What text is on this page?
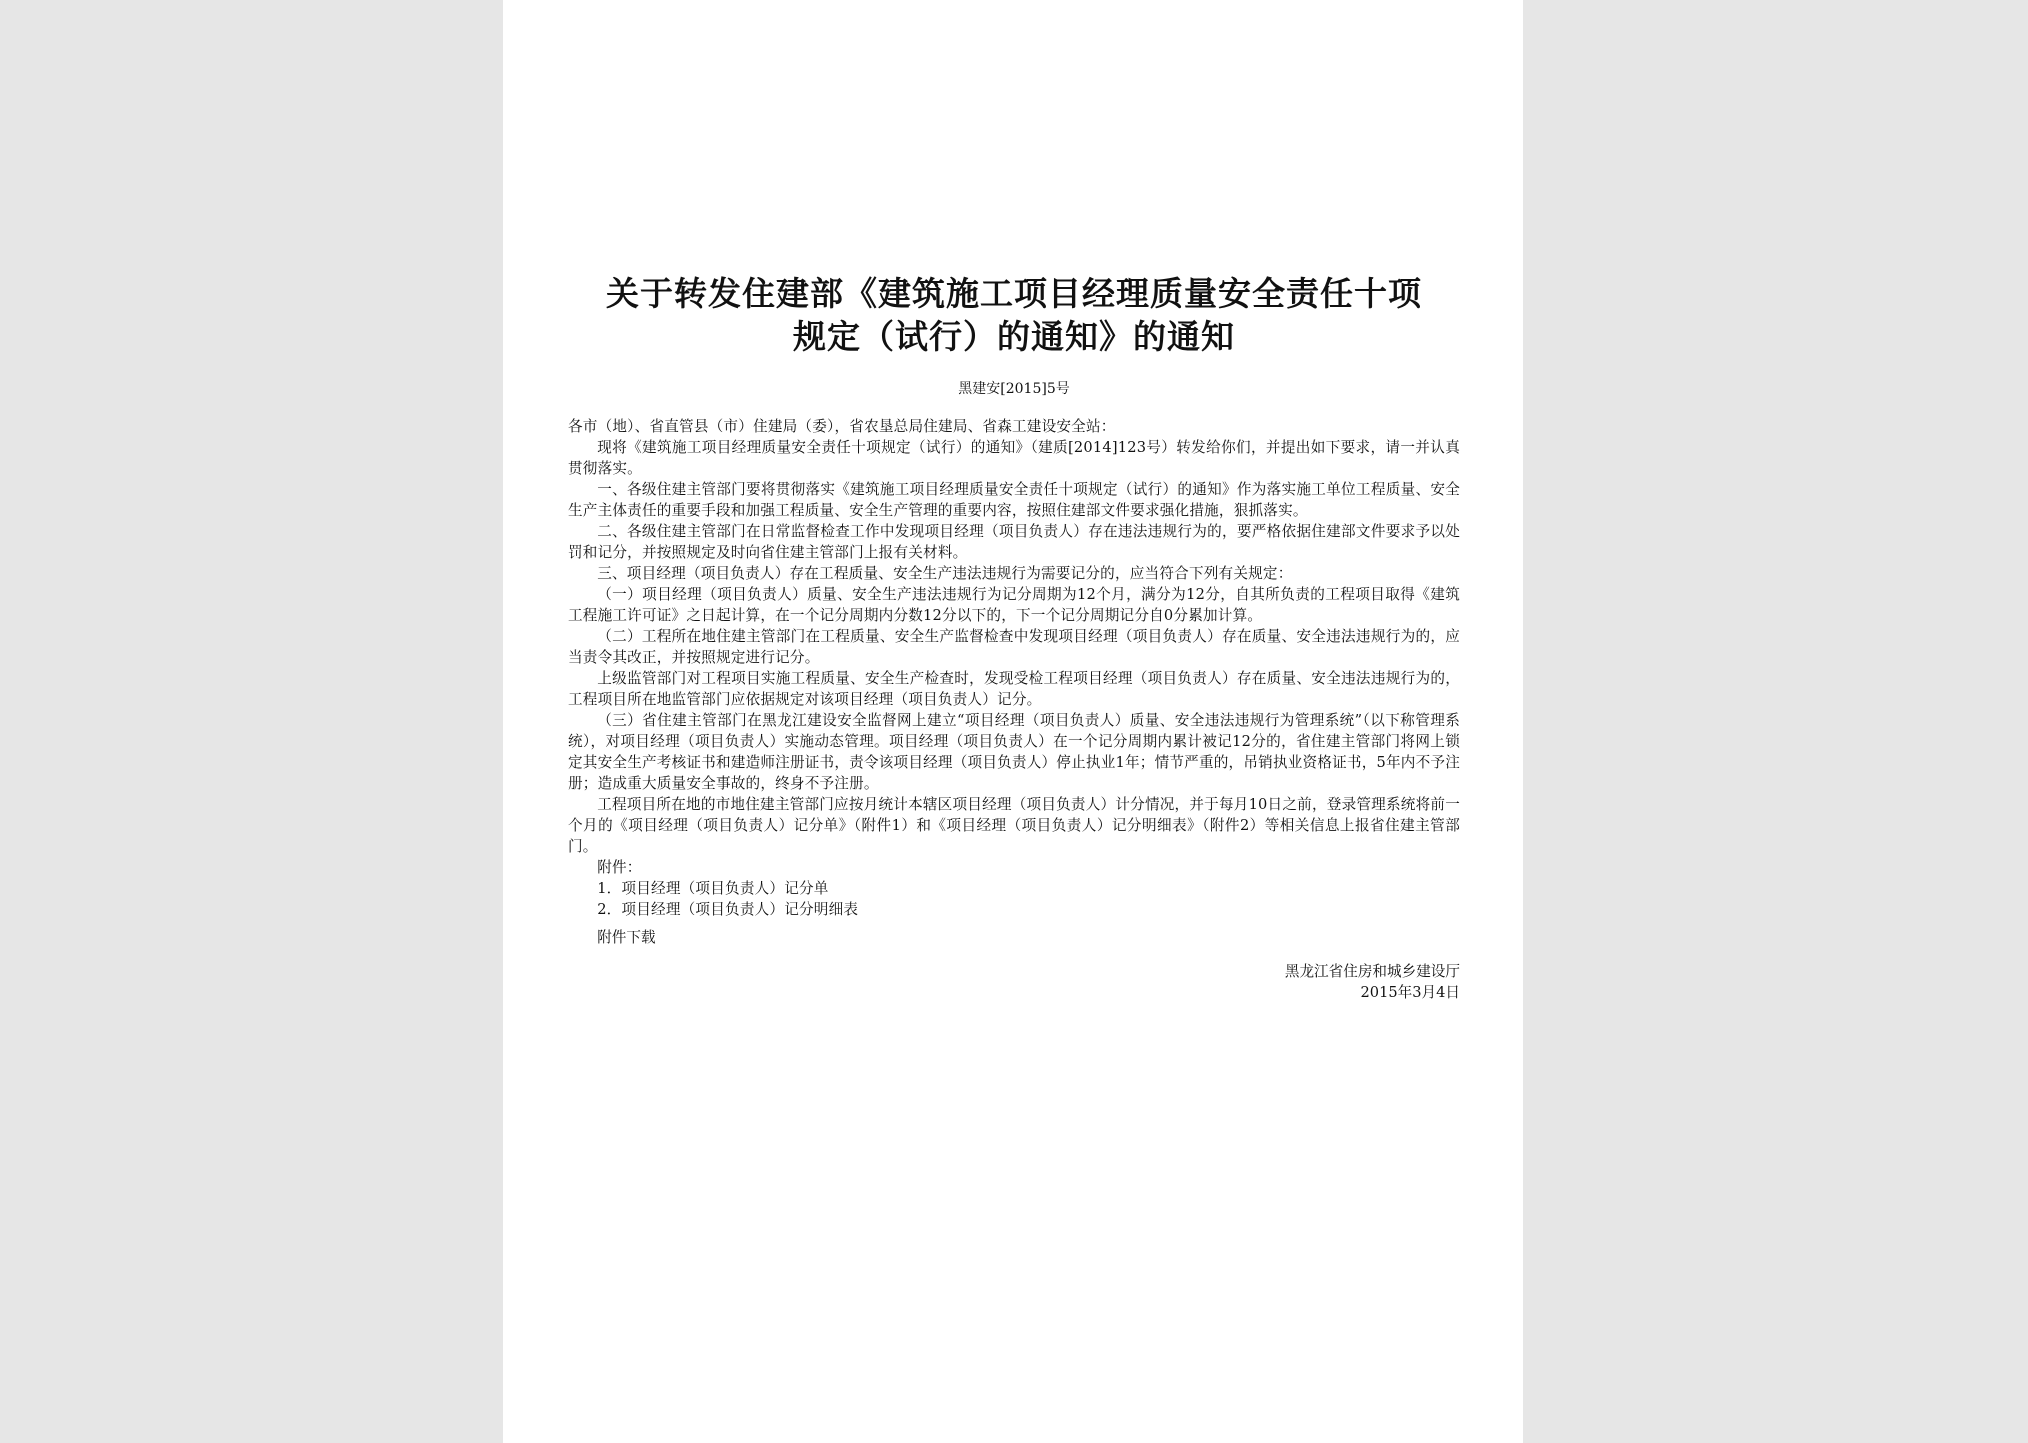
关于转发住建部《建筑施工项目经理质量安全责任十项
规定（试行）的通知》的通知
黑建安[2015]5号

各市（地）、省直管县（市）住建局（委），省农垦总局住建局、省森工建设安全站：

现将《建筑施工项目经理质量安全责任十项规定（试行）的通知》（建质[2014]123号）转发给你们，并提出如下要求，请一并认真贯彻落实。

一、各级住建主管部门要将贯彻落实《建筑施工项目经理质量安全责任十项规定（试行）的通知》作为落实施工单位工程质量、安全生产主体责任的重要手段和加强工程质量、安全生产管理的重要内容，按照住建部文件要求强化措施，狠抓落实。

二、各级住建主管部门在日常监督检查工作中发现项目经理（项目负责人）存在违法违规行为的，要严格依据住建部文件要求予以处罚和记分，并按照规定及时向省住建主管部门上报有关材料。

三、项目经理（项目负责人）存在工程质量、安全生产违法违规行为需要记分的，应当符合下列有关规定：

（一）项目经理（项目负责人）质量、安全生产违法违规行为记分周期为12个月，满分为12分，自其所负责的工程项目取得《建筑工程施工许可证》之日起计算，在一个记分周期内分数12分以下的，下一个记分周期记分自0分累加计算。

（二）工程所在地住建主管部门在工程质量、安全生产监督检查中发现项目经理（项目负责人）存在质量、安全违法违规行为的，应当责令其改正，并按照规定进行记分。

上级监管部门对工程项目实施工程质量、安全生产检查时，发现受检工程项目经理（项目负责人）存在质量、安全违法违规行为的，工程项目所在地监管部门应依据规定对该项目经理（项目负责人）记分。

（三）省住建主管部门在黑龙江建设安全监督网上建立“项目经理（项目负责人）质量、安全违法违规行为管理系统”（以下称管理系统），对项目经理（项目负责人）实施动态管理。项目经理（项目负责人）在一个记分周期内累计被记12分的，省住建主管部门将网上锁定其安全生产考核证书和建造师注册证书，责令该项目经理（项目负责人）停止执业1年；情节严重的，吊销执业资格证书，5年内不予注册；造成重大质量安全事故的，终身不予注册。

工程项目所在地的市地住建主管部门应按月统计本辖区项目经理（项目负责人）计分情况，并于每月10日之前，登录管理系统将前一个月的《项目经理（项目负责人）记分单》（附件1）和《项目经理（项目负责人）记分明细表》（附件2）等相关信息上报省住建主管部门。

附件：

1．项目经理（项目负责人）记分单

2．项目经理（项目负责人）记分明细表

附件下载
黑龙江省住房和城乡建设厅
2015年3月4日
